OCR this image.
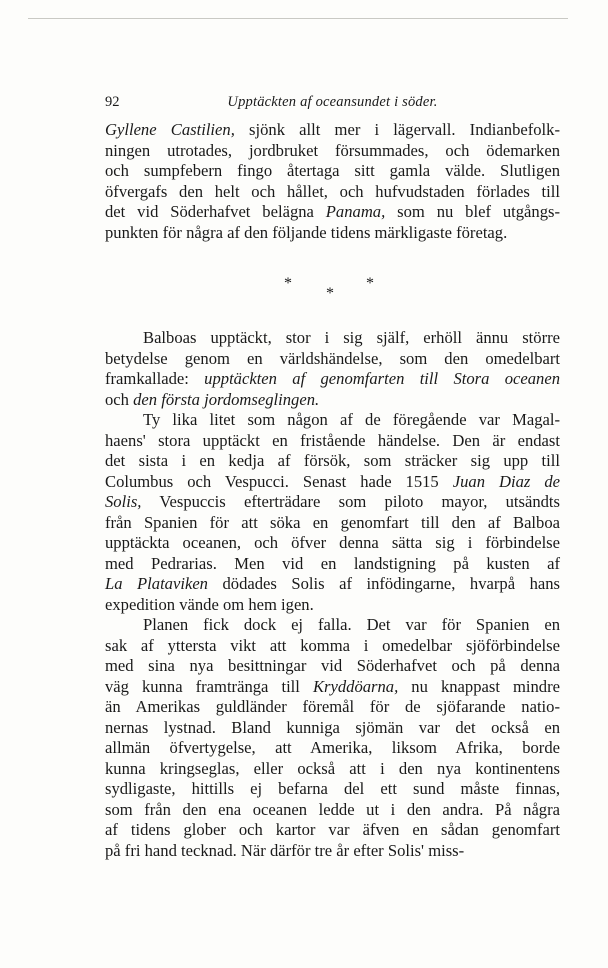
92	Upptäckten af oceansundet i söder.
Gyllene Castilien, sjönk allt mer i lägervall. Indianbefolk-
ningen utrotades, jordbruket försummades, och ödemarken
och sumpfebern fingo återtaga sitt gamla välde. Slutligen
öfvergafs den helt och hållet, och hufvudstaden förlades till
det vid Söderhafvet belägna Panama, som nu blef utgångs-
punkten för några af den följande tidens märkligaste företag.
*	*
*
Balboas upptäckt, stor i sig själf, erhöll ännu större
betydelse genom en världshändelse, som den omedelbart
framkallade: upptäckten af genomfarten till Stora oceanen
och den första jordomseglingen.
Ty lika litet som någon af de föregående var Magal-
haens' stora upptäckt en fristående händelse. Den är endast
det sista i en kedja af försök, som sträcker sig upp till
Columbus och Vespucci. Senast hade 1515 Juan Diaz de
Solis, Vespuccis efterträdare som piloto mayor, utsändts
från Spanien för att söka en genomfart till den af Balboa
upptäckta oceanen, och öfver denna sätta sig i förbindelse
med Pedrarias. Men vid en landstigning på kusten af
La Plataviken dödades Solis af infödingarne, hvarpå hans
expedition vände om hem igen.
Planen fick dock ej falla. Det var för Spanien en
sak af yttersta vikt att komma i omedelbar sjöförbindelse
med sina nya besittningar vid Söderhafvet och på denna
väg kunna framtränga till Kryddöarna, nu knappast mindre
än Amerikas guldländer föremål för de sjöfarande natio-
nernas lystnad. Bland kunniga sjömän var det också en
allmän öfvertygelse, att Amerika, liksom Afrika, borde
kunna kringseglas, eller också att i den nya kontinentens
sydligaste, hittills ej befarna del ett sund måste finnas,
som från den ena oceanen ledde ut i den andra. På några
af tidens glober och kartor var äfven en sådan genomfart
på fri hand tecknad. När därför tre år efter Solis' miss-
